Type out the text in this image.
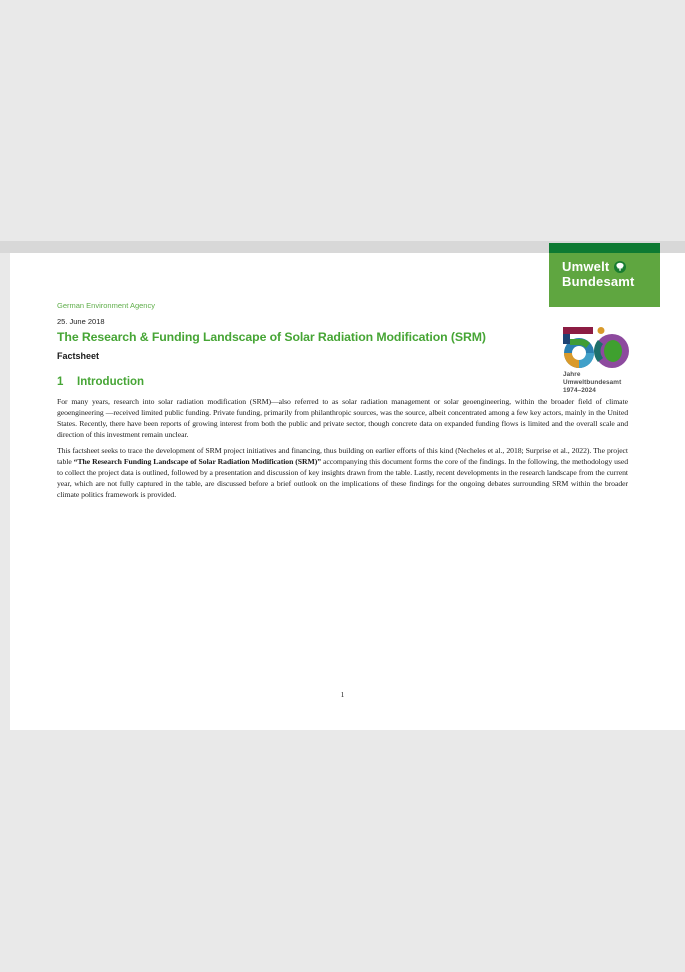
Umwelt
Bundesamt
Jahre
Umweltbundesamt
1974–2024
German Environment Agency
25. June 2018
The Research & Funding Landscape of Solar Radiation Modification (SRM)
Factsheet
1 Introduction

For many years, research into solar radiation modification (SRM)—also referred to as solar radiation management or solar geoengineering, within the broader field of climate geoengineering —received limited public funding. Private funding, primarily from philanthropic sources, was the source, albeit concentrated among a few key actors, mainly in the United States. Recently, there have been reports of growing interest from both the public and private sector, though concrete data on expanded funding flows is limited and the overall scale and direction of this investment remain unclear.

This factsheet seeks to trace the development of SRM project initiatives and financing, thus building on earlier efforts of this kind (Necheles et al., 2018; Surprise et al., 2022). The project table “The Research Funding Landscape of Solar Radiation Modification (SRM)” accompanying this document forms the core of the findings. In the following, the methodology used to collect the project data is outlined, followed by a presentation and discussion of key insights drawn from the table. Lastly, recent developments in the research landscape from the current year, which are not fully captured in the table, are discussed before a brief outlook on the implications of these findings for the ongoing debates surrounding SRM within the broader climate politics framework is provided.

1
